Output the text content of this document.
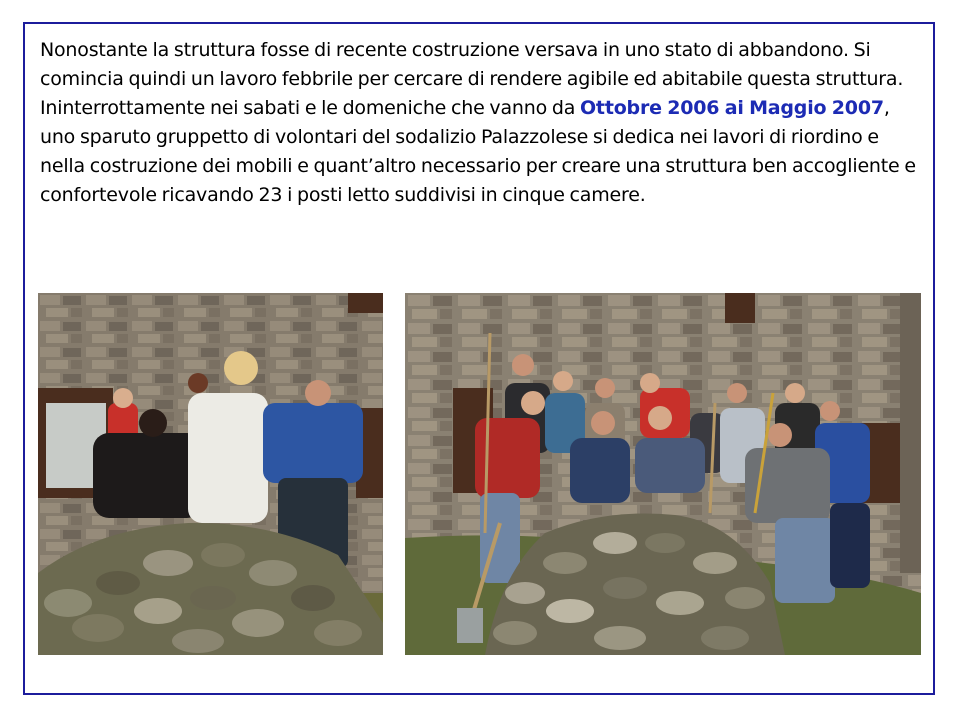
Nonostante la struttura fosse di recente costruzione versava in uno stato di abbandono. Si comincia quindi un lavoro febbrile per cercare di rendere agibile ed abitabile questa struttura. Ininterrottamente nei sabati e le domeniche che vanno da Ottobre 2006 ai Maggio 2007, uno sparuto gruppetto di volontari del sodalizio Palazzolese si dedica nei lavori di riordino e nella costruzione dei mobili e quant’altro necessario per creare una struttura ben accogliente e confortevole ricavando 23 i posti letto suddivisi in cinque camere.
